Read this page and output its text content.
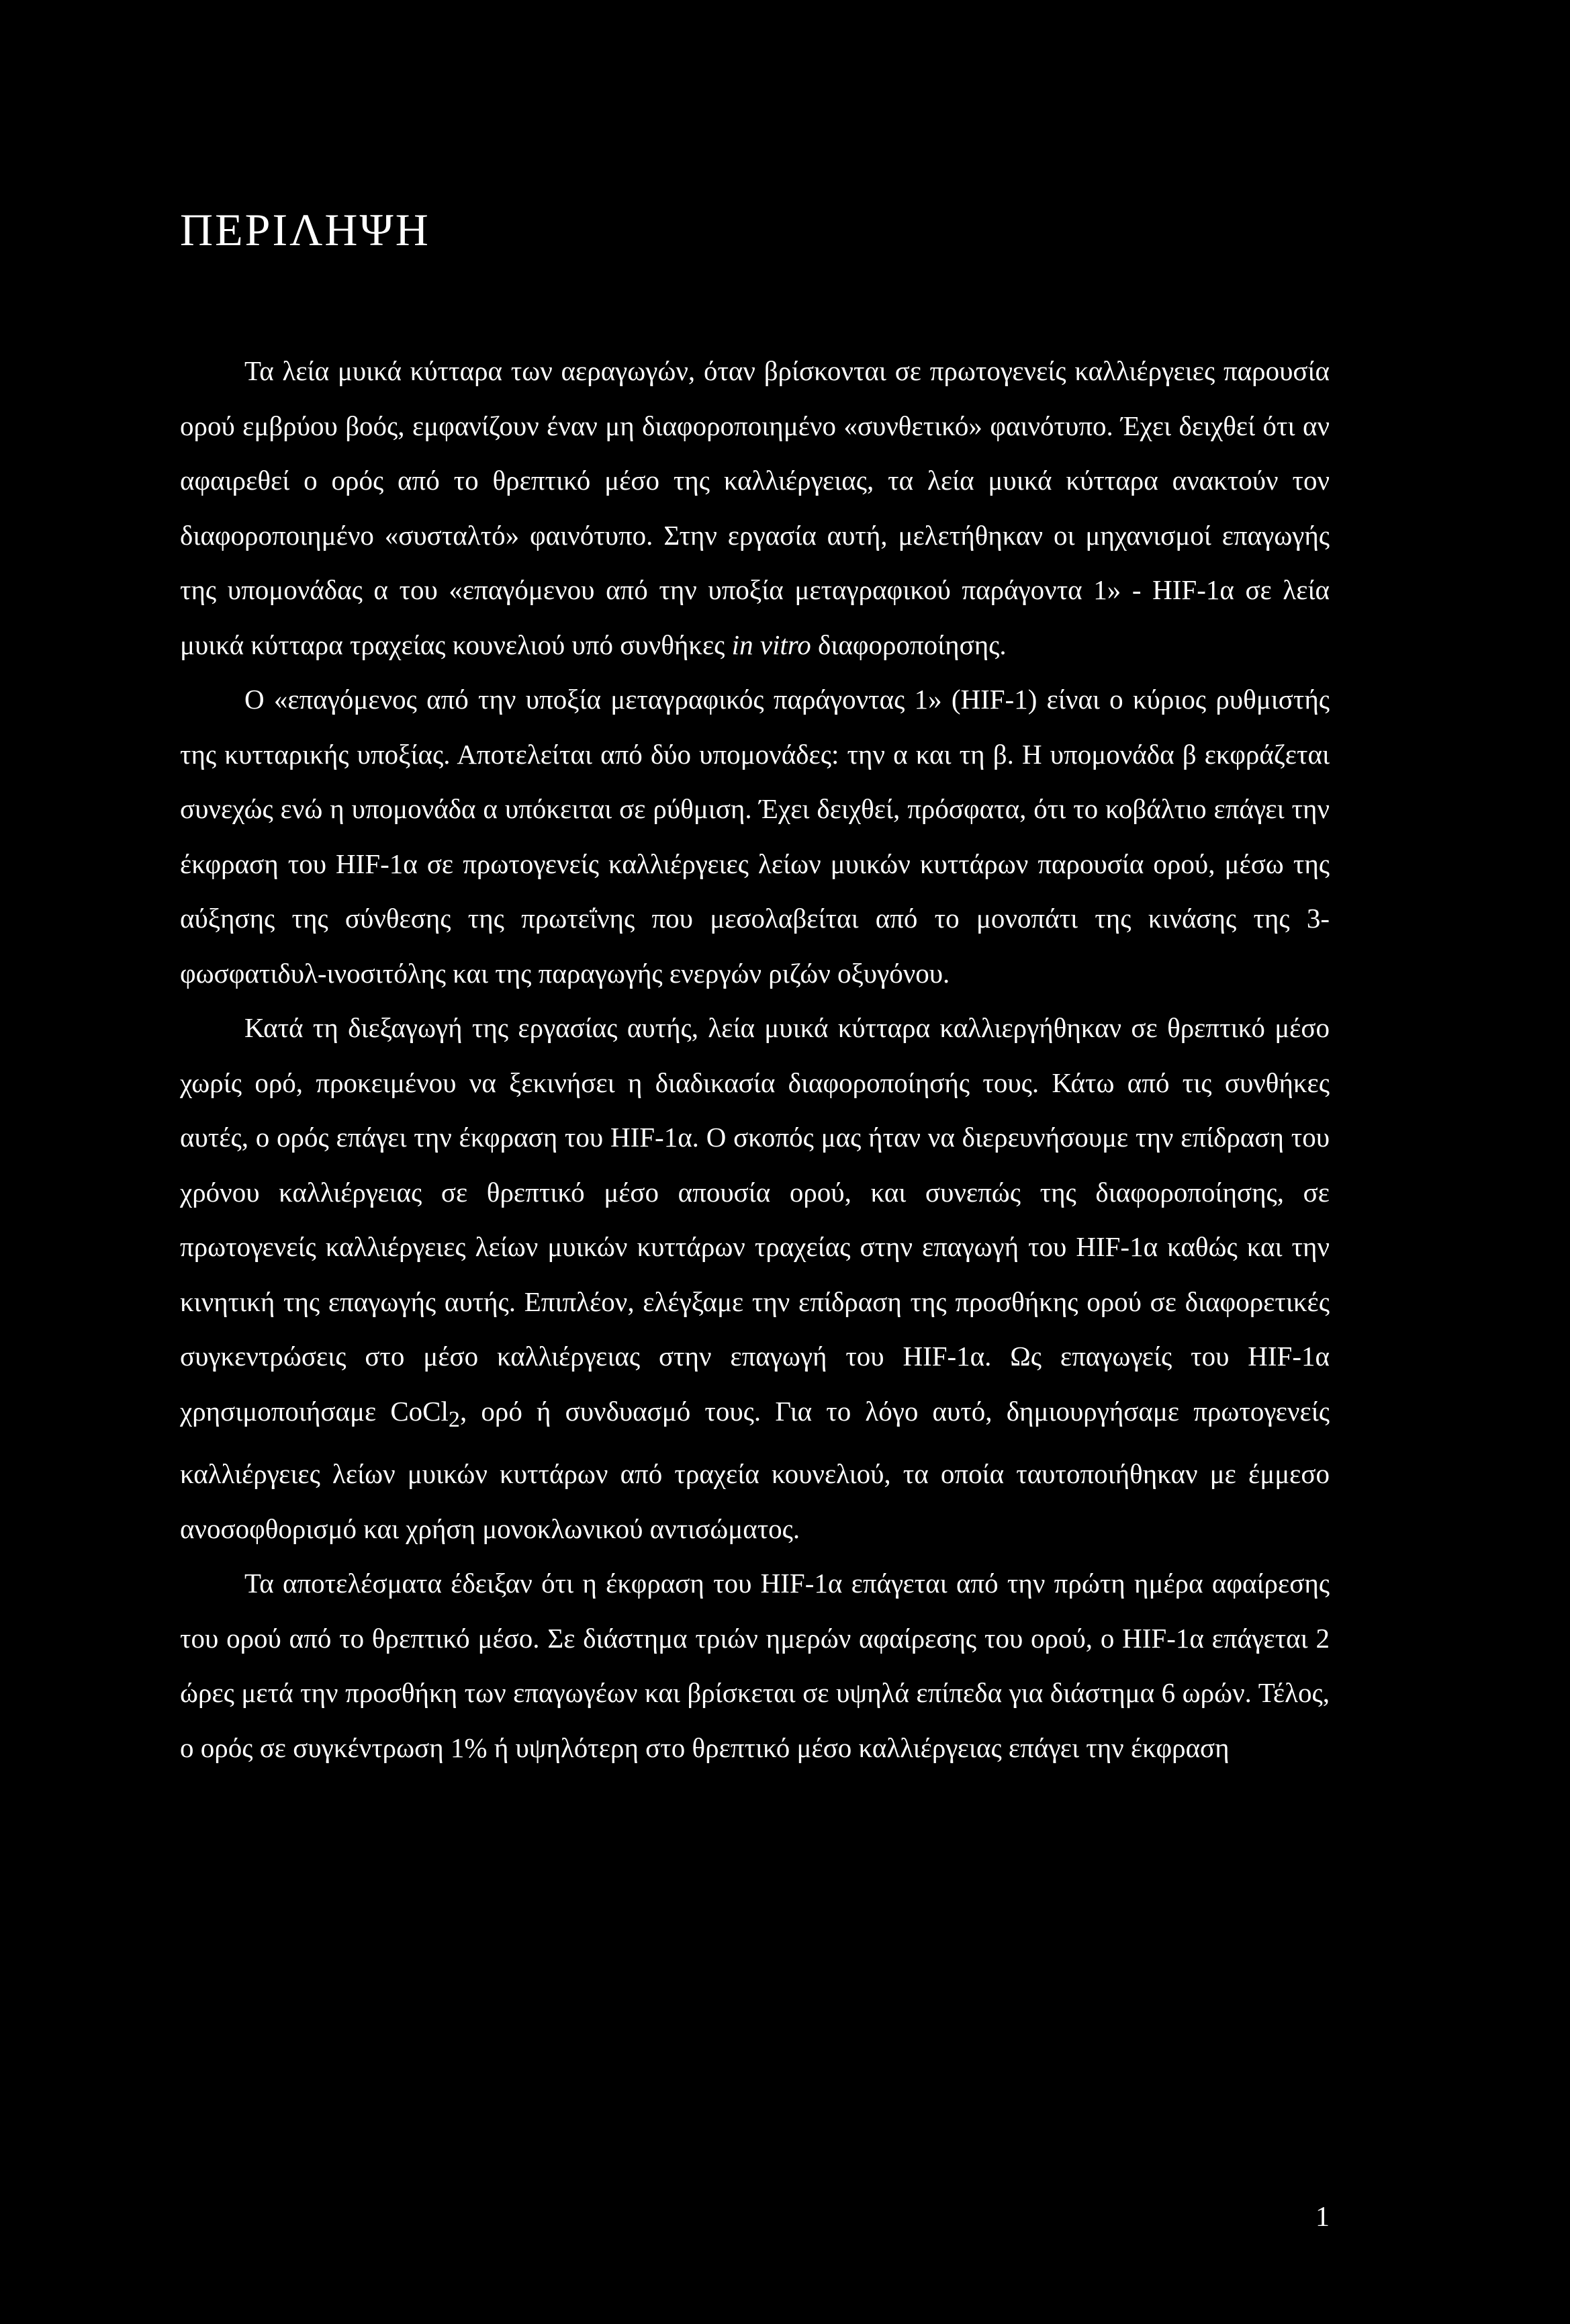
ΠΕΡΙΛΗΨΗ

Τα λεία μυικά κύτταρα των αεραγωγών, όταν βρίσκονται σε πρωτογενείς καλλιέργειες παρουσία ορού εμβρύου βοός, εμφανίζουν έναν μη διαφοροποιημένο «συνθετικό» φαινότυπο. Έχει δειχθεί ότι αν αφαιρεθεί ο ορός από το θρεπτικό μέσο της καλλιέργειας, τα λεία μυικά κύτταρα ανακτούν τον διαφοροποιημένο «συσταλτό» φαινότυπο. Στην εργασία αυτή, μελετήθηκαν οι μηχανισμοί επαγωγής της υπομονάδας α του «επαγόμενου από την υποξία μεταγραφικού παράγοντα 1» - HIF-1α σε λεία μυικά κύτταρα τραχείας κουνελιού υπό συνθήκες in vitro διαφοροποίησης.

Ο «επαγόμενος από την υποξία μεταγραφικός παράγοντας 1» (HIF-1) είναι ο κύριος ρυθμιστής της κυτταρικής υποξίας. Αποτελείται από δύο υπομονάδες: την α και τη β. Η υπομονάδα β εκφράζεται συνεχώς ενώ η υπομονάδα α υπόκειται σε ρύθμιση. Έχει δειχθεί, πρόσφατα, ότι το κοβάλτιο επάγει την έκφραση του HIF-1α σε πρωτογενείς καλλιέργειες λείων μυικών κυττάρων παρουσία ορού, μέσω της αύξησης της σύνθεσης της πρωτεΐνης που μεσολαβείται από το μονοπάτι της κινάσης της 3-φωσφατιδυλ-ινοσιτόλης και της παραγωγής ενεργών ριζών οξυγόνου.

Κατά τη διεξαγωγή της εργασίας αυτής, λεία μυικά κύτταρα καλλιεργήθηκαν σε θρεπτικό μέσο χωρίς ορό, προκειμένου να ξεκινήσει η διαδικασία διαφοροποίησής τους. Κάτω από τις συνθήκες αυτές, ο ορός επάγει την έκφραση του HIF-1α. Ο σκοπός μας ήταν να διερευνήσουμε την επίδραση του χρόνου καλλιέργειας σε θρεπτικό μέσο απουσία ορού, και συνεπώς της διαφοροποίησης, σε πρωτογενείς καλλιέργειες λείων μυικών κυττάρων τραχείας στην επαγωγή του HIF-1α καθώς και την κινητική της επαγωγής αυτής. Επιπλέον, ελέγξαμε την επίδραση της προσθήκης ορού σε διαφορετικές συγκεντρώσεις στο μέσο καλλιέργειας στην επαγωγή του HIF-1α. Ως επαγωγείς του HIF-1α χρησιμοποιήσαμε CoCl$_2$, ορό ή συνδυασμό τους. Για το λόγο αυτό, δημιουργήσαμε πρωτογενείς καλλιέργειες λείων μυικών κυττάρων από τραχεία κουνελιού, τα οποία ταυτοποιήθηκαν με έμμεσο ανοσοφθορισμό και χρήση μονοκλωνικού αντισώματος.

Τα αποτελέσματα έδειξαν ότι η έκφραση του HIF-1α επάγεται από την πρώτη ημέρα αφαίρεσης του ορού από το θρεπτικό μέσο. Σε διάστημα τριών ημερών αφαίρεσης του ορού, ο HIF-1α επάγεται 2 ώρες μετά την προσθήκη των επαγωγέων και βρίσκεται σε υψηλά επίπεδα για διάστημα 6 ωρών. Τέλος, ο ορός σε συγκέντρωση 1% ή υψηλότερη στο θρεπτικό μέσο καλλιέργειας επάγει την έκφραση

1
